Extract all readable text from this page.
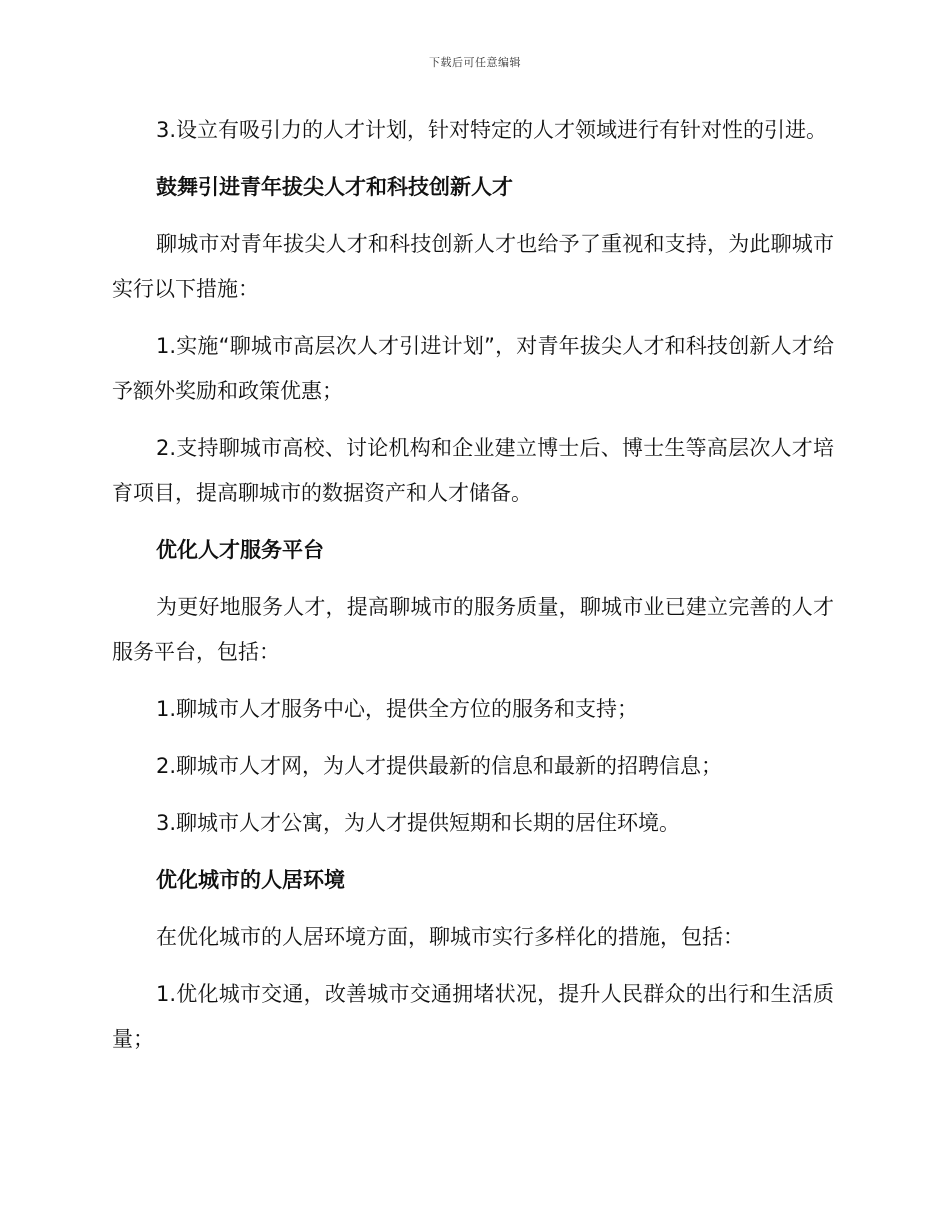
下载后可任意编辑

3.设立有吸引力的人才计划，针对特定的人才领域进行有针对性的引进。

鼓舞引进青年拔尖人才和科技创新人才

聊城市对青年拔尖人才和科技创新人才也给予了重视和支持，为此聊城市实行以下措施：

1.实施“聊城市高层次人才引进计划”，对青年拔尖人才和科技创新人才给予额外奖励和政策优惠；

2.支持聊城市高校、讨论机构和企业建立博士后、博士生等高层次人才培育项目，提高聊城市的数据资产和人才储备。

优化人才服务平台

为更好地服务人才，提高聊城市的服务质量，聊城市业已建立完善的人才服务平台，包括：

1.聊城市人才服务中心，提供全方位的服务和支持；

2.聊城市人才网，为人才提供最新的信息和最新的招聘信息；

3.聊城市人才公寓，为人才提供短期和长期的居住环境。

优化城市的人居环境

在优化城市的人居环境方面，聊城市实行多样化的措施，包括：

1.优化城市交通，改善城市交通拥堵状况，提升人民群众的出行和生活质量；
